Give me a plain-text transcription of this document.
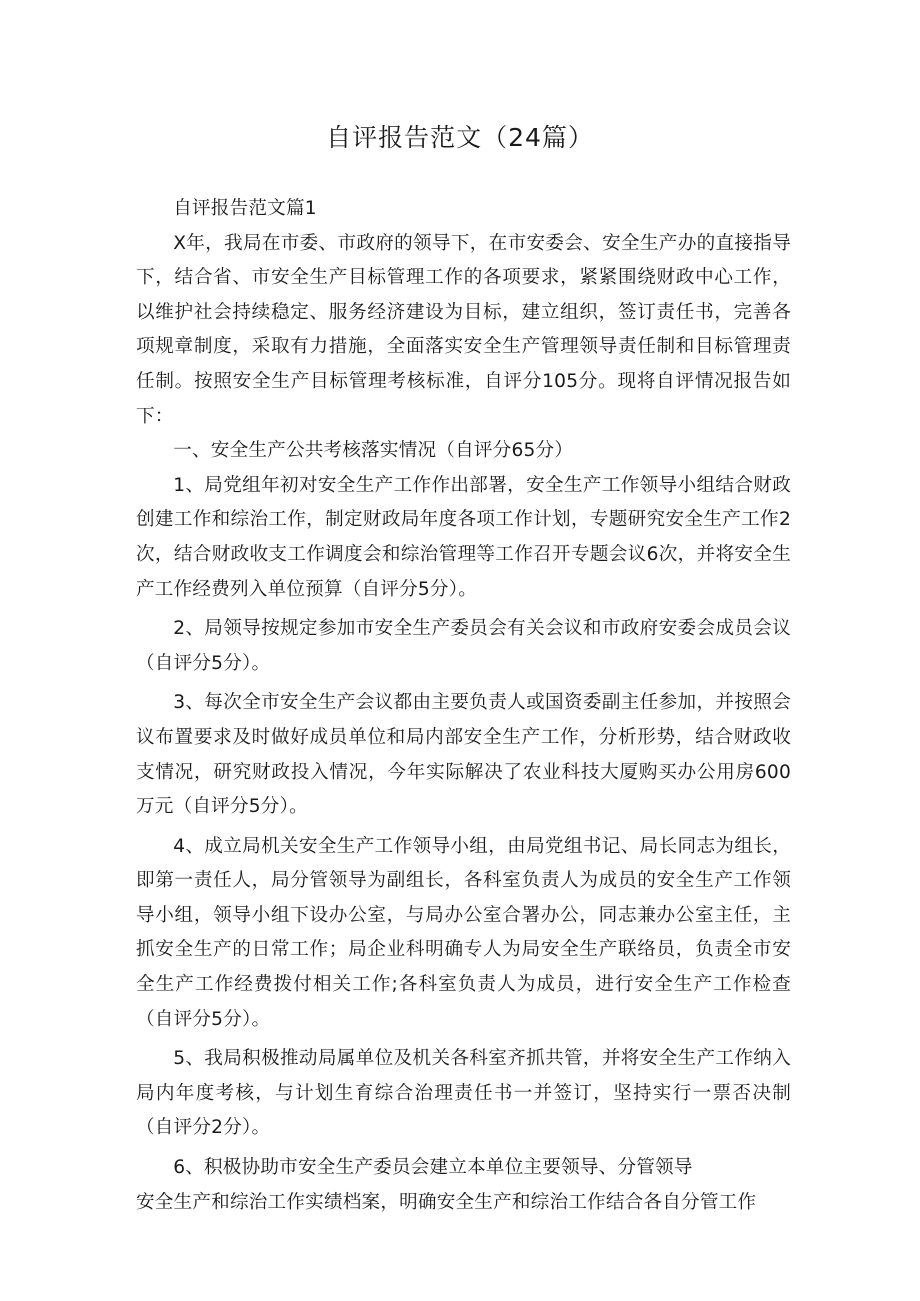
自评报告范文（24篇）

自评报告范文篇1

X年，我局在市委、市政府的领导下，在市安委会、安全生产办的直接指导下，结合省、市安全生产目标管理工作的各项要求，紧紧围绕财政中心工作，以维护社会持续稳定、服务经济建设为目标，建立组织，签订责任书，完善各项规章制度，采取有力措施，全面落实安全生产管理领导责任制和目标管理责任制。按照安全生产目标管理考核标准，自评分105分。现将自评情况报告如下：

一、安全生产公共考核落实情况（自评分65分）

1、局党组年初对安全生产工作作出部署，安全生产工作领导小组结合财政创建工作和综治工作，制定财政局年度各项工作计划，专题研究安全生产工作2次，结合财政收支工作调度会和综治管理等工作召开专题会议6次，并将安全生产工作经费列入单位预算（自评分5分）。

2、局领导按规定参加市安全生产委员会有关会议和市政府安委会成员会议（自评分5分）。

3、每次全市安全生产会议都由主要负责人或国资委副主任参加，并按照会议布置要求及时做好成员单位和局内部安全生产工作，分析形势，结合财政收支情况，研究财政投入情况，今年实际解决了农业科技大厦购买办公用房600万元（自评分5分）。

4、成立局机关安全生产工作领导小组，由局党组书记、局长同志为组长，即第一责任人，局分管领导为副组长，各科室负责人为成员的安全生产工作领导小组，领导小组下设办公室，与局办公室合署办公，同志兼办公室主任，主抓安全生产的日常工作；局企业科明确专人为局安全生产联络员，负责全市安全生产工作经费拨付相关工作;各科室负责人为成员，进行安全生产工作检查（自评分5分）。

5、我局积极推动局属单位及机关各科室齐抓共管，并将安全生产工作纳入局内年度考核，与计划生育综合治理责任书一并签订，坚持实行一票否决制（自评分2分）。

6、积极协助市安全生产委员会建立本单位主要领导、分管领导

安全生产和综治工作实绩档案，明确安全生产和综治工作结合各自分管工作
